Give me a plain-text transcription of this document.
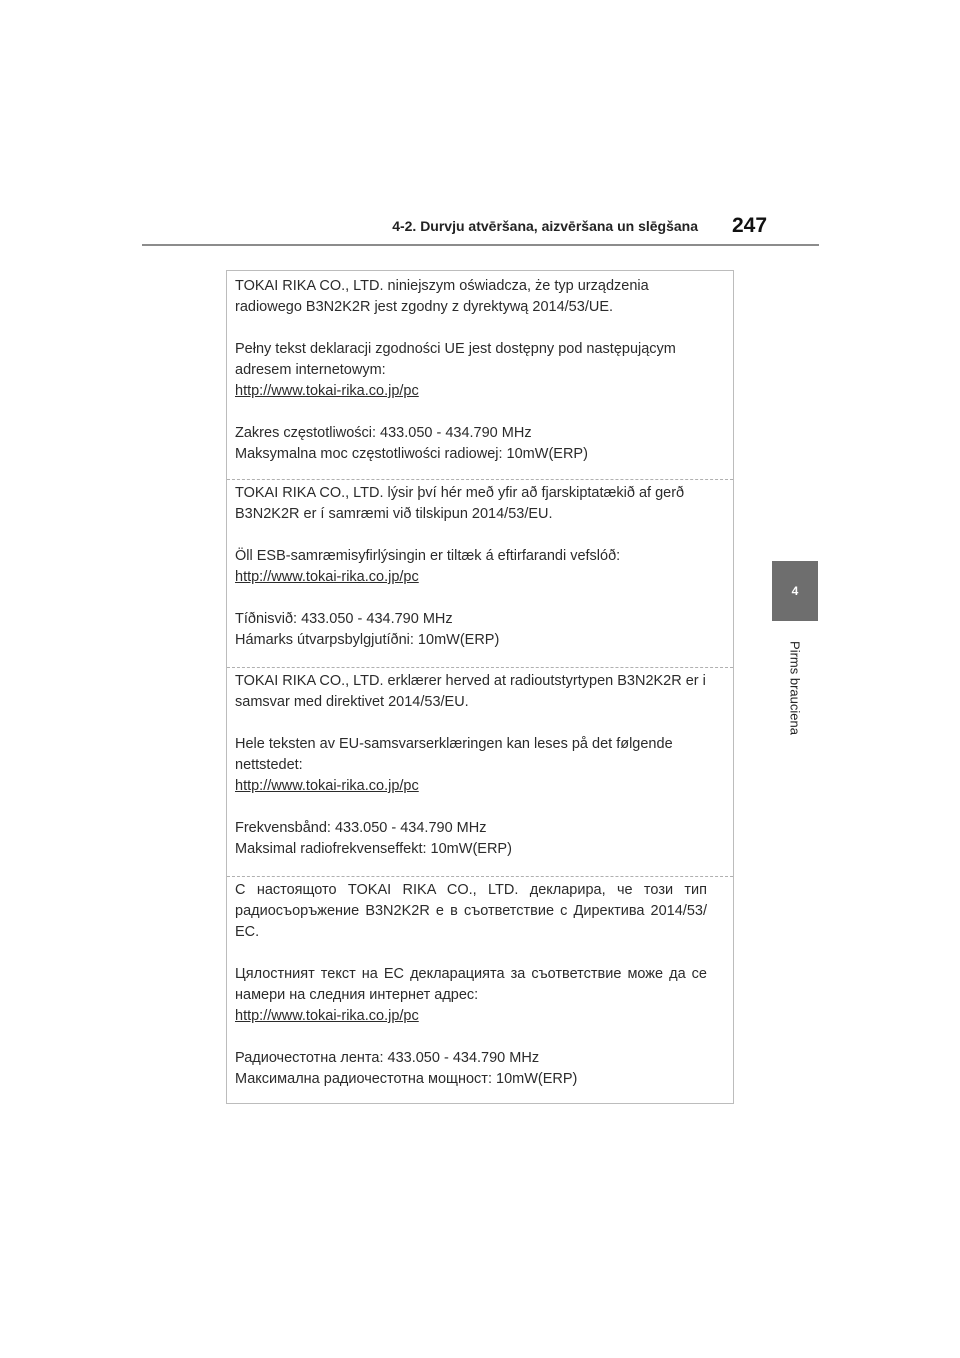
4-2. Durvju atvēršana, aizvēršana un slēgšana 247
4
Pirms brauciena

TOKAI RIKA CO., LTD. niniejszym oświadcza, że typ urządzenia radiowego B3N2K2R jest zgodny z dyrektywą 2014/53/UE.

Pełny tekst deklaracji zgodności UE jest dostępny pod następującym adresem internetowym:

http://www.tokai-rika.co.jp/pc

Zakres częstotliwości: 433.050 - 434.790 MHz

Maksymalna moc częstotliwości radiowej: 10mW(ERP)

TOKAI RIKA CO., LTD. lýsir því hér með yfir að fjarskiptatækið af gerð B3N2K2R er í samræmi við tilskipun 2014/53/EU.

Öll ESB-samræmisyfirlýsingin er tiltæk á eftirfarandi vefslóð:

http://www.tokai-rika.co.jp/pc

Tíðnisvið: 433.050 - 434.790 MHz

Hámarks útvarpsbylgjutíðni: 10mW(ERP)

TOKAI RIKA CO., LTD. erklærer herved at radioutstyrtypen B3N2K2R er i samsvar med direktivet 2014/53/EU.

Hele teksten av EU-samsvarserklæringen kan leses på det følgende nettstedet:

http://www.tokai-rika.co.jp/pc

Frekvensbånd: 433.050 - 434.790 MHz

Maksimal radiofrekvenseffekt: 10mW(ERP)

С настоящото TOKAI RIKA CO., LTD. декларира, че този тип радиосъоръжение B3N2K2R е в съответствие с Директива 2014/53/ЕС.

Цялостният текст на ЕС декларацията за съответствие може да се намери на следния интернет адрес:

http://www.tokai-rika.co.jp/pc

Радиочестотна лента: 433.050 - 434.790 MHz

Максимална радиочестотна мощност: 10mW(ERP)
